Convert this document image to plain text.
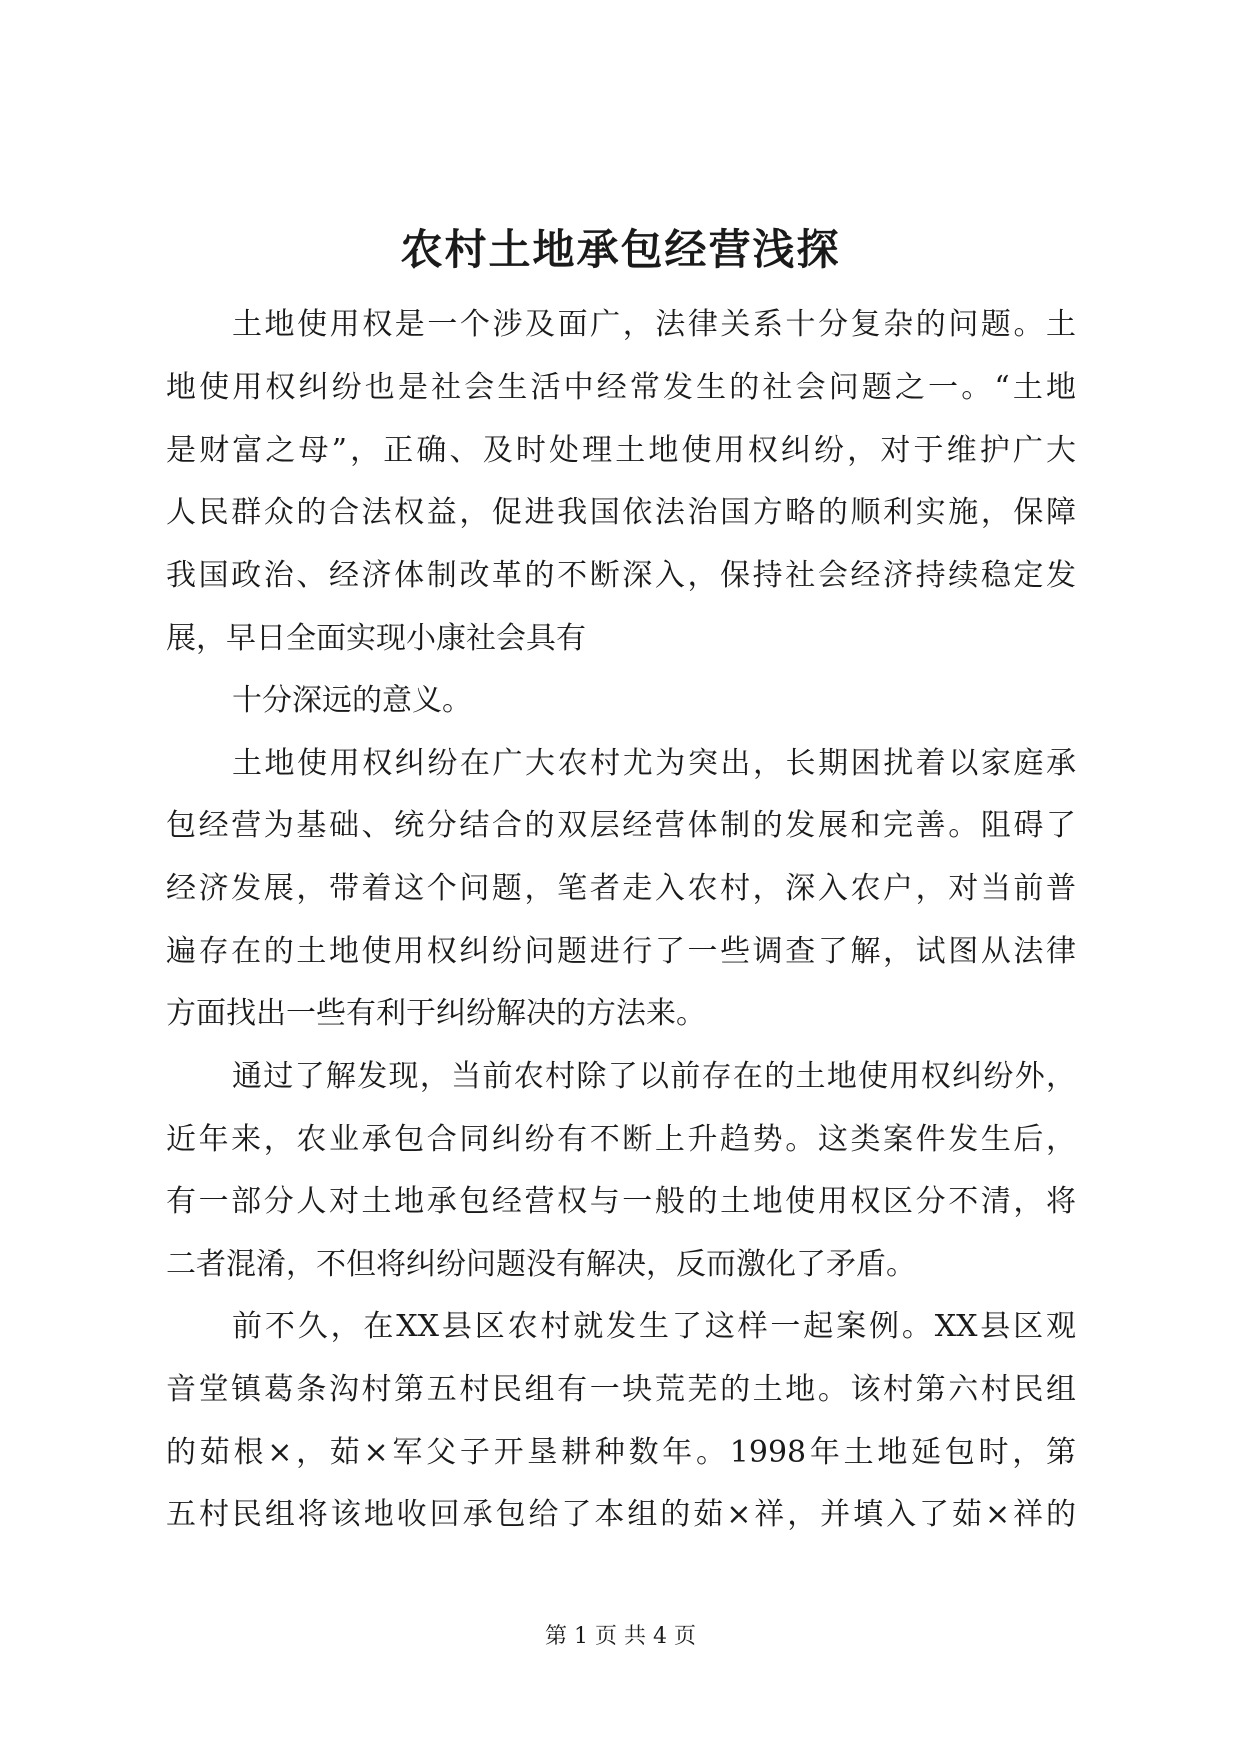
农村土地承包经营浅探

土地使用权是一个涉及面广，法律关系十分复杂的问题。土

地使用权纠纷也是社会生活中经常发生的社会问题之一。“土地

是财富之母”，正确、及时处理土地使用权纠纷，对于维护广大

人民群众的合法权益，促进我国依法治国方略的顺利实施，保障

我国政治、经济体制改革的不断深入，保持社会经济持续稳定发

展，早日全面实现小康社会具有

十分深远的意义。

土地使用权纠纷在广大农村尤为突出，长期困扰着以家庭承

包经营为基础、统分结合的双层经营体制的发展和完善。阻碍了

经济发展，带着这个问题，笔者走入农村，深入农户，对当前普

遍存在的土地使用权纠纷问题进行了一些调查了解，试图从法律

方面找出一些有利于纠纷解决的方法来。

通过了解发现，当前农村除了以前存在的土地使用权纠纷外，

近年来，农业承包合同纠纷有不断上升趋势。这类案件发生后，

有一部分人对土地承包经营权与一般的土地使用权区分不清，将

二者混淆，不但将纠纷问题没有解决，反而激化了矛盾。

前不久，在XX县区农村就发生了这样一起案例。XX县区观

音堂镇葛条沟村第五村民组有一块荒芜的土地。该村第六村民组

的茹根×，茹×军父子开垦耕种数年。1998年土地延包时，第

五村民组将该地收回承包给了本组的茹×祥，并填入了茹×祥的

第 1 页 共 4 页
